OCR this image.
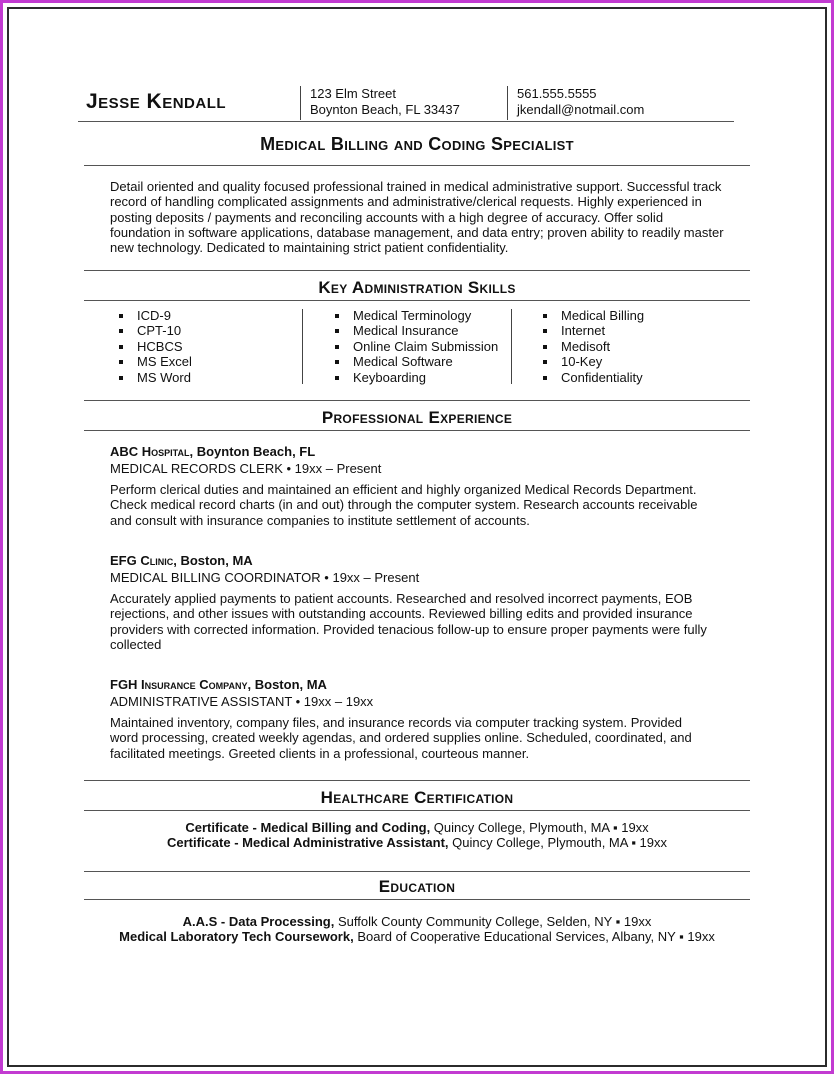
Jesse Kendall	123 Elm Street
Boynton Beach, FL 33437
561.555.5555
jkendall@notmail.com
Medical Billing and Coding Specialist
Detail oriented and quality focused professional trained in medical administrative support. Successful track
record of handling complicated assignments and administrative/clerical requests. Highly experienced in
posting deposits / payments and reconciling accounts with a high degree of accuracy. Offer solid
foundation in software applications, database management, and data entry; proven ability to readily master
new technology. Dedicated to maintaining strict patient confidentiality.
Key Administration Skills
ICD-9
CPT-10
HCBCS
MS Excel
MS Word
Medical Terminology
Medical Insurance
Online Claim Submission
Medical Software
Keyboarding
Medical Billing
Internet
Medisoft
10-Key
Confidentiality
Professional Experience
ABC Hospital, Boynton Beach, FL
MEDICAL RECORDS CLERK • 19xx – Present
Perform clerical duties and maintained an efficient and highly organized Medical Records Department.
Check medical record charts (in and out) through the computer system. Research accounts receivable
and consult with insurance companies to institute settlement of accounts.
EFG Clinic, Boston, MA
MEDICAL BILLING COORDINATOR • 19xx – Present
Accurately applied payments to patient accounts. Researched and resolved incorrect payments, EOB
rejections, and other issues with outstanding accounts. Reviewed billing edits and provided insurance
providers with corrected information. Provided tenacious follow-up to ensure proper payments were fully
collected
FGH Insurance Company, Boston, MA
ADMINISTRATIVE ASSISTANT • 19xx – 19xx
Maintained inventory, company files, and insurance records via computer tracking system. Provided
word processing, created weekly agendas, and ordered supplies online. Scheduled, coordinated, and
facilitated meetings. Greeted clients in a professional, courteous manner.
Healthcare Certification
Certificate - Medical Billing and Coding, Quincy College, Plymouth, MA ▪ 19xx
Certificate - Medical Administrative Assistant, Quincy College, Plymouth, MA ▪ 19xx
Education
A.A.S - Data Processing, Suffolk County Community College, Selden, NY ▪ 19xx
Medical Laboratory Tech Coursework, Board of Cooperative Educational Services, Albany, NY ▪ 19xx
